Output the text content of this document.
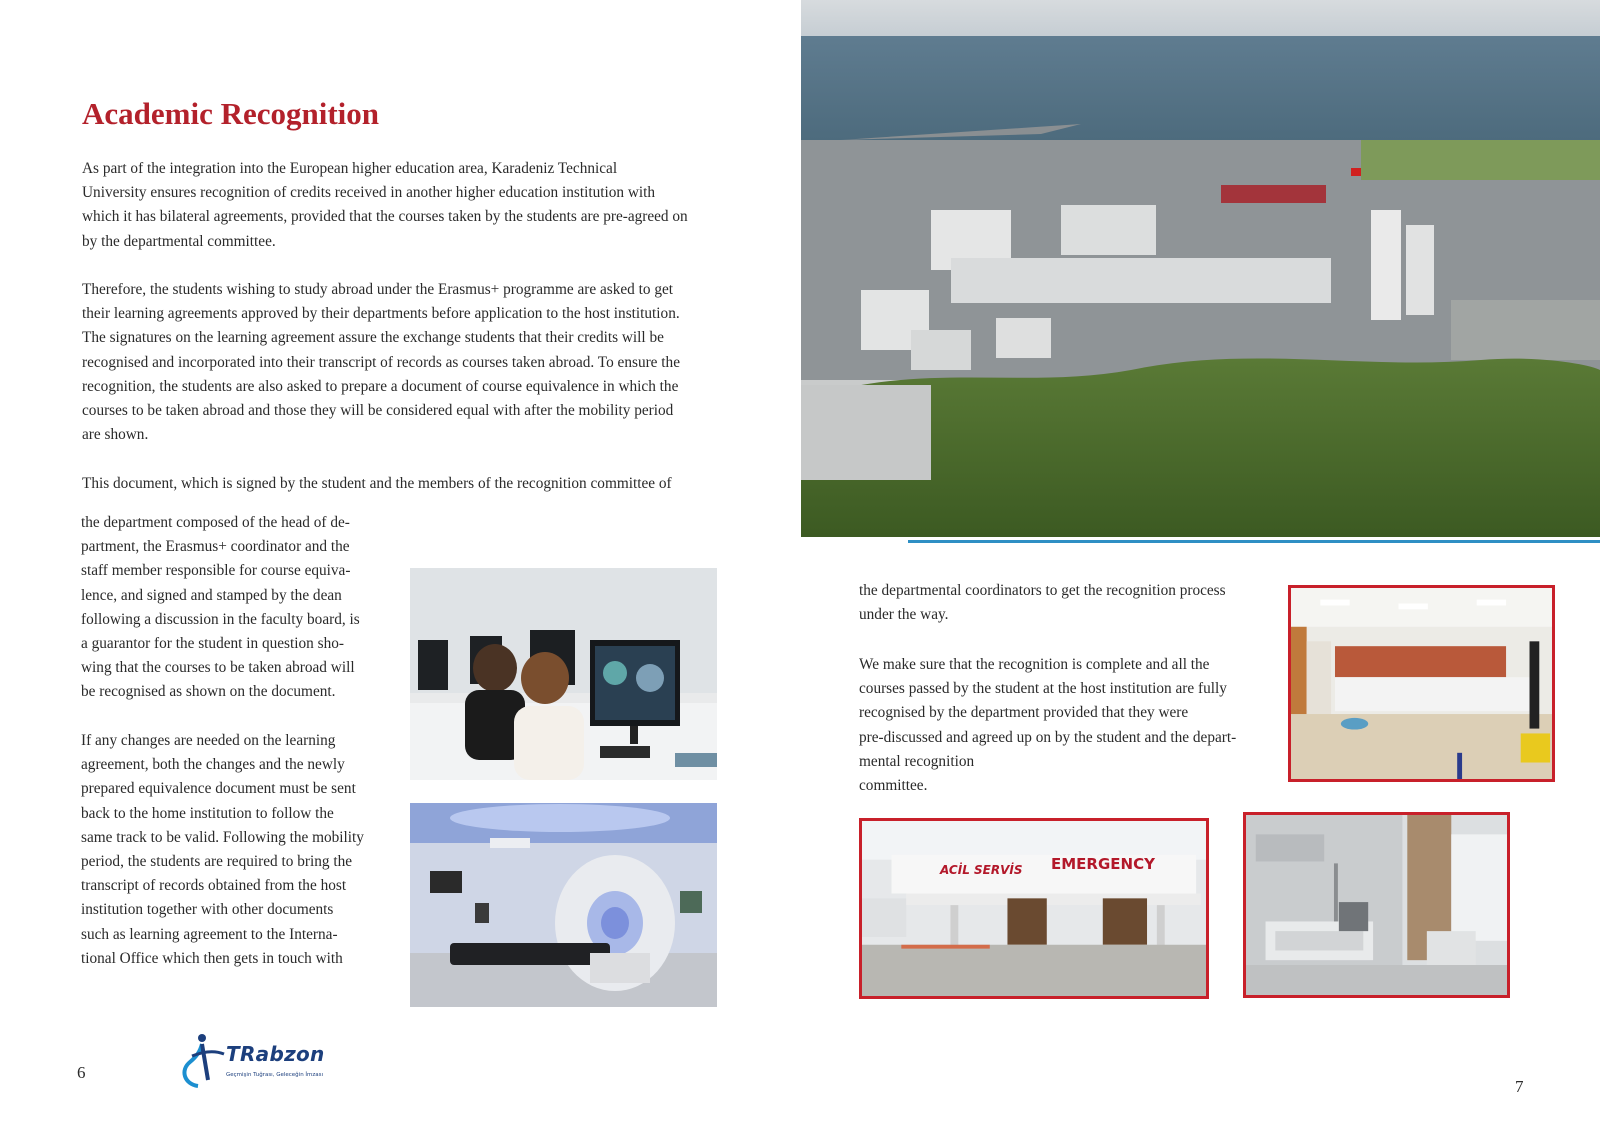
Academic Recognition
As part of the integration into the European higher education area, Karadeniz Technical
University ensures recognition of credits received in another higher education institution with
which it has bilateral agreements, provided that the courses taken by the students are pre-agreed on
by the departmental committee.
Therefore, the students wishing to study abroad under the Erasmus+ programme are asked to get
their learning agreements approved by their departments before application to the host institution.
The signatures on the learning agreement assure the exchange students that their credits will be
recognised and incorporated into their transcript of records as courses taken abroad. To ensure the
recognition, the students are also asked to prepare a document of course equivalence in which the
courses to be taken abroad and those they will be considered equal with after the mobility period
are shown.
This document, which is signed by the student and the members of the recognition committee of
the department composed of the head of de-
partment, the Erasmus+ coordinator and the
staff member responsible for course equiva-
lence, and signed and stamped by the dean
following a discussion in the faculty board, is
a guarantor for the student in question sho-
wing that the courses to be taken abroad will
be recognised as shown on the document.
If any changes are needed on the learning
agreement, both the changes and the newly
prepared equivalence document must be sent
back to the home institution to follow the
same track to be valid. Following the mobility
period, the students are required to bring the
transcript of records obtained from the host
institution together with other documents
such as learning agreement to the Interna-
tional Office which then gets in touch with
TRabzon
Geçmişin Tuğrası, Geleceğin İmzası
6
the departmental coordinators to get the recognition process
under the way.
We make sure that the recognition is complete and all the
courses passed by the student at the host institution are fully
recognised by the department provided that they were
pre-discussed and agreed up on by the student and the depart-
mental recognition
committee.
ACİL SERVİS EMERGENCY
7
